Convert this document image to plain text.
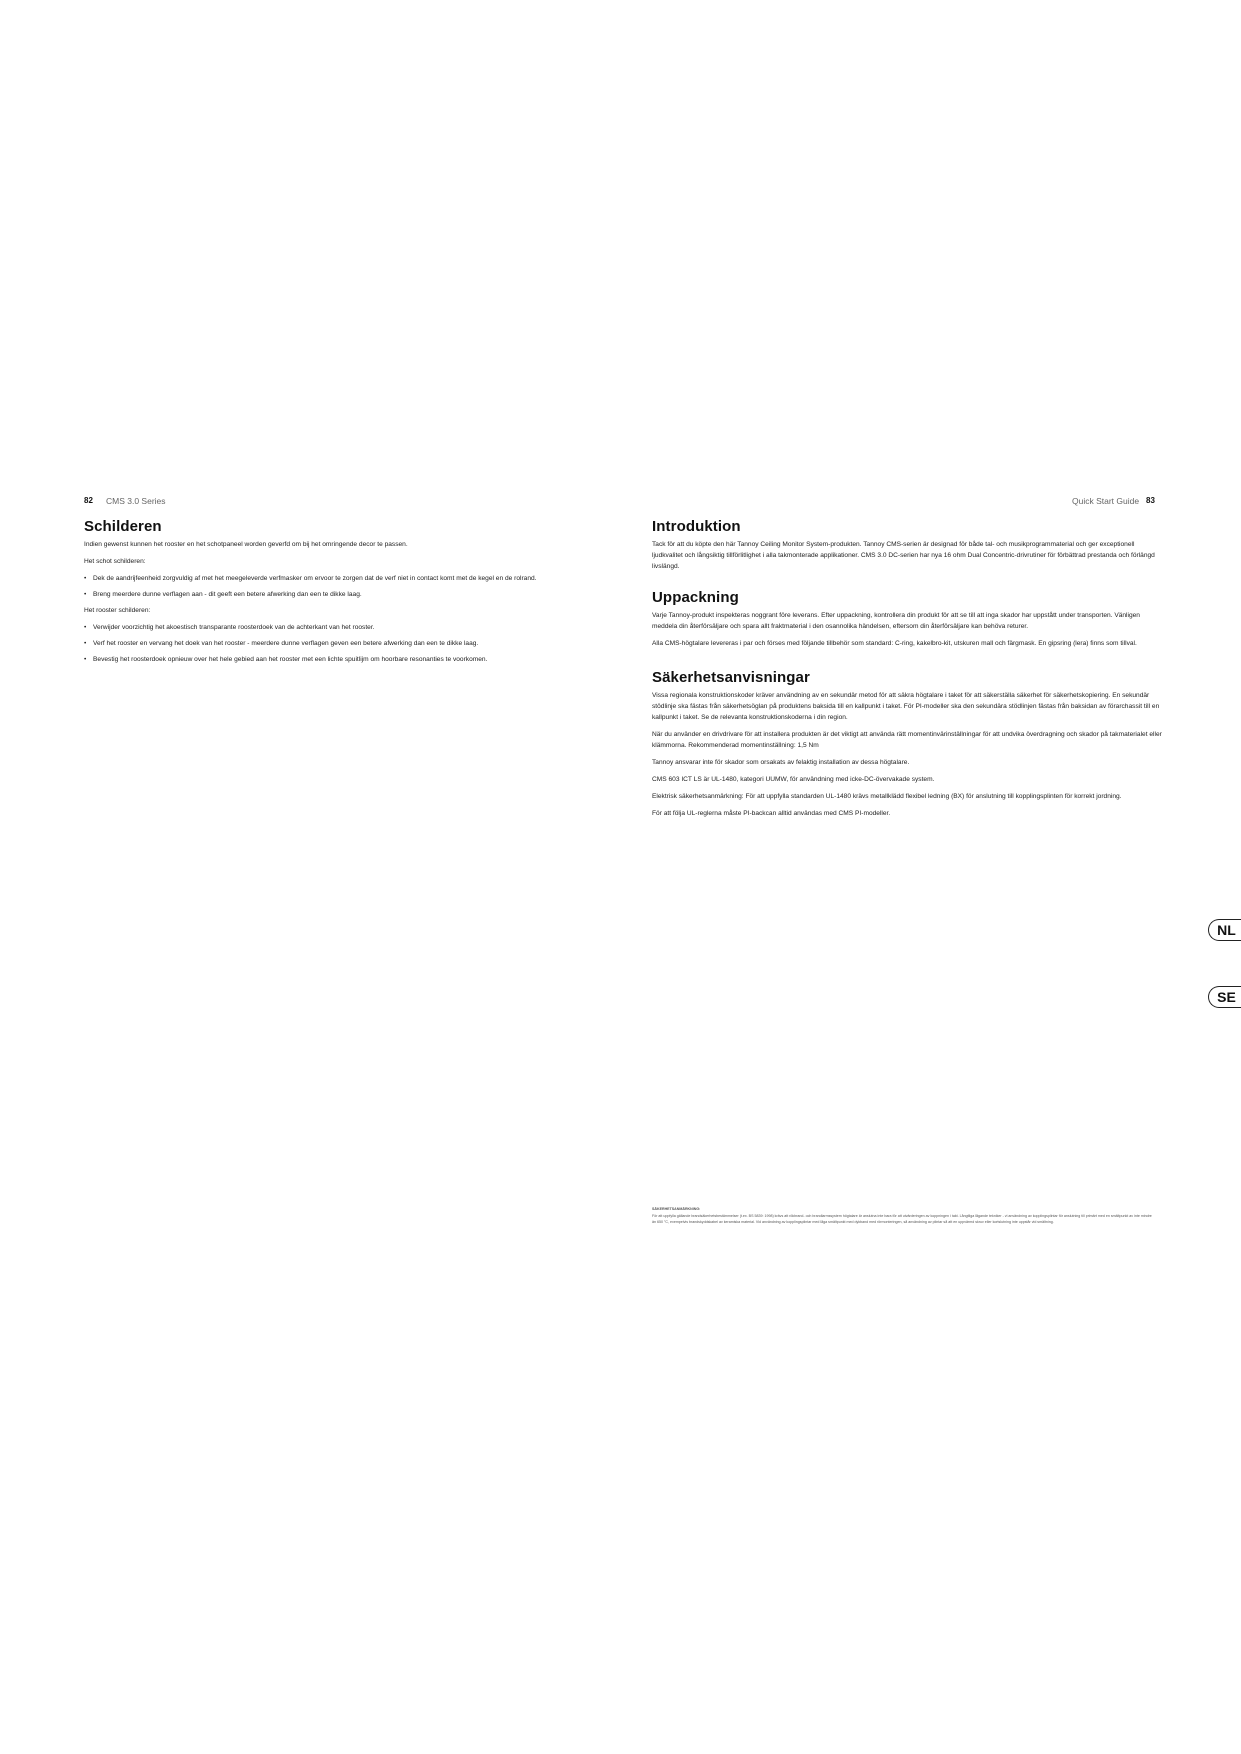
82 CMS 3.0 Series
Schilderen

Indien gewenst kunnen het rooster en het schotpaneel worden geverfd om bij het omringende decor te passen.

Het schot schilderen:

• Dek de aandrijfeenheid zorgvuldig af met het meegeleverde verfmasker om ervoor te zorgen dat de verf niet in contact komt met de kegel en de rolrand.
• Breng meerdere dunne verflagen aan - dit geeft een betere afwerking dan een te dikke laag.

Het rooster schilderen:

• Verwijder voorzichtig het akoestisch transparante roosterdoek van de achterkant van het rooster.
• Verf het rooster en vervang het doek van het rooster - meerdere dunne verflagen geven een betere afwerking dan een te dikke laag.
• Bevestig het roosterdoek opnieuw over het hele gebied aan het rooster met een lichte spuitlijm om hoorbare resonanties te voorkomen.
Quick Start Guide 83
Introduktion

Tack för att du köpte den här Tannoy Ceiling Monitor System-produkten. Tannoy CMS-serien är designad för både tal- och musikprogrammaterial och ger exceptionell ljudkvalitet och långsiktig tillförlitlighet i alla takmonterade applikationer. CMS 3.0 DC-serien har nya 16 ohm Dual Concentric-drivrutiner för förbättrad prestanda och förlängd livslängd.

Uppackning

Varje Tannoy-produkt inspekteras noggrant före leverans. Efter uppackning, kontrollera din produkt för att se till att inga skador har uppstått under transporten. Vänligen meddela din återförsäljare och spara allt fraktmaterial i den osannolika händelsen, eftersom din återförsäljare kan behöva returer.

Alla CMS-högtalare levereras i par och förses med följande tillbehör som standard: C-ring, kakelbro-kit, utskuren mall och färgmask. En gipsring (lera) finns som tillval.

Säkerhetsanvisningar

Vissa regionala konstruktionskoder kräver användning av en sekundär metod för att säkra högtalare i taket för att säkerställa säkerhet för säkerhetskopiering. En sekundär stödlinje ska fästas från säkerhetsöglan på produktens baksida till en kallpunkt i taket. För PI-modeller ska den sekundära stödlinjen fästas från baksidan av förarchassit till en kallpunkt i taket. Se de relevanta konstruktionskoderna i din region.

När du använder en drivdrivare för att installera produkten är det viktigt att använda rätt momentinvärinställningar för att undvika överdragning och skador på takmaterialet eller klämmorna. Rekommenderad momentinställning: 1,5 Nm

Tannoy ansvarar inte för skador som orsakats av felaktig installation av dessa högtalare.

CMS 603 ICT LS är UL-1480, kategori UUMW, för användning med icke-DC-övervakade system.

Elektrisk säkerhetsanmärkning: För att uppfylla standarden UL-1480 krävs metallklädd flexibel ledning (BX) för anslutning till kopplingsplinten för korrekt jordning.

För att följa UL-reglerna måste PI-backcan alltid användas med CMS PI-modeller.

NL
SE
SÄKERHETSANMÄRKNING:
För att uppfylla gällande brandsäkerhetsbestämmelser (t.ex. BS 5839: 1998) krävs att rökbrand- och brandlarmssystem högtalare är anslutna inte bara för att utvärderingen av koppningen i takt. Långtliga lågande tekniker - vi användning av kopplingsplintar för anslutning till primärt med en smältpunkt av inte mindre än 650 °C, exempelvis brandskyddskabel av keramiska material. Vid användning av kopplingsplintar med låga smältpunkt med dykband med rörmonteringen, så användning av plintar så att en uppvärmd skruv eller kortslutning inte uppstår vid smältning.
